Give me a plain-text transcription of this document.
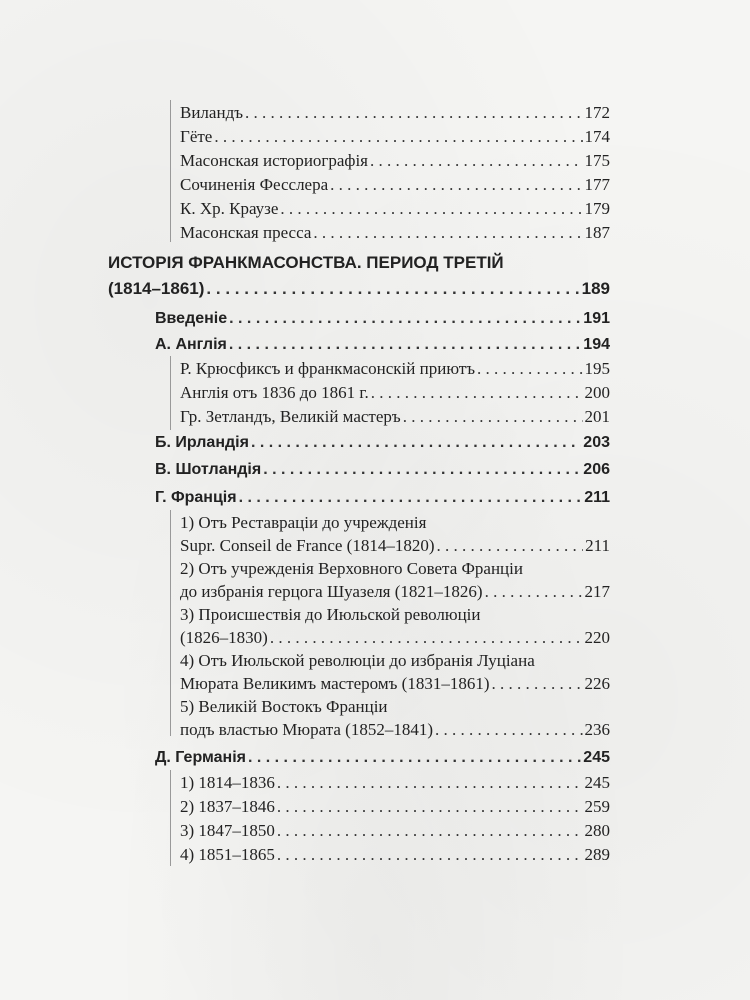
Виландъ . . .	172
Гёте . . .	174
Масонская историографія . . .	175
Сочиненія Фесслера . . .	177
К. Хр. Краузе . . .	179
Масонская пресса . . .	187
ИСТОРІЯ ФРАНКМАСОНСТВА. ПЕРИОД ТРЕТІЙ
(1814–1861) . . .	189
Введеніе . . .	191
А. Англія . . .	194
Р. Крюсфиксъ и франкмасонскій приютъ . . .	195
Англія отъ 1836 до 1861 г. . . .	200
Гр. Зетландъ, Великій мастеръ . . .	201
Б. Ирландія . . .	203
В. Шотландія . . .	206
Г. Франція . . .	211
1) Отъ Реставраціи до учрежденія
Supr. Conseil de France (1814–1820) . . .	211
2) Отъ учрежденія Верховного Совета Франціи
до избранія герцога Шуазеля (1821–1826) . . .	217
3) Происшествія до Июльской революціи
(1826–1830) . . .	220
4) Отъ Июльской революціи до избранія Луціана
Мюрата Великимъ мастеромъ (1831–1861) . . .	226
5) Великій Востокъ Франціи
подъ властью Мюрата (1852–1841) . . .	236
Д. Германія . . .	245
1) 1814–1836 . . .	245
2) 1837–1846 . . .	259
3) 1847–1850 . . .	280
4) 1851–1865 . . .	289
